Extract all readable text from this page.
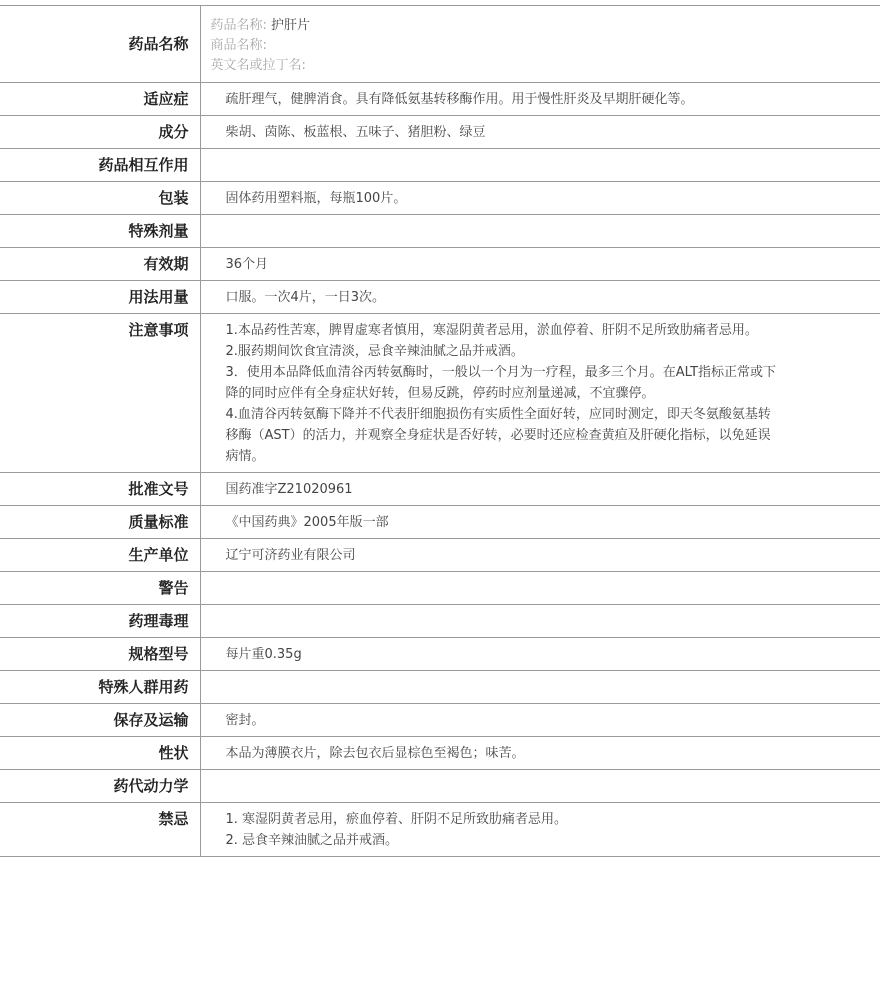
药品名称	药品名称: 护肝片
商品名称:
英文名或拉丁名:

适应症	疏肝理气，健脾消食。具有降低氨基转移酶作用。用于慢性肝炎及早期肝硬化等。
成分	柴胡、茵陈、板蓝根、五味子、猪胆粉、绿豆
药品相互作用	

包装	固体药用塑料瓶，每瓶100片。
特殊剂量	

有效期	36个月
用法用量	口服。一次4片，一日3次。
注意事项	1.本品药性苦寒，脾胃虚寒者慎用，寒湿阴黄者忌用，淤血停着、肝阴不足所致肋痛者忌用。

2.服药期间饮食宜清淡，忌食辛辣油腻之品并戒酒。

3．使用本品降低血清谷丙转氨酶时，一般以一个月为一疗程，最多三个月。在ALT指标正常或下降的同时应伴有全身症状好转，但易反跳，停药时应剂量递减，不宜骤停。

4.血清谷丙转氨酶下降并不代表肝细胞损伤有实质性全面好转，应同时测定，即天冬氨酸氨基转移酶（AST）的活力，并观察全身症状是否好转，必要时还应检查黄疸及肝硬化指标，以免延误病情。

批准文号	国药准字Z21020961
质量标准	《中国药典》2005年版一部
生产单位	辽宁可济药业有限公司
警告	

药理毒理	

规格型号	每片重0.35g
特殊人群用药	

保存及运输	密封。
性状	本品为薄膜衣片，除去包衣后显棕色至褐色；味苦。
药代动力学	

禁忌	1. 寒湿阴黄者忌用，瘀血停着、肝阴不足所致肋痛者忌用。

2. 忌食辛辣油腻之品并戒酒。
